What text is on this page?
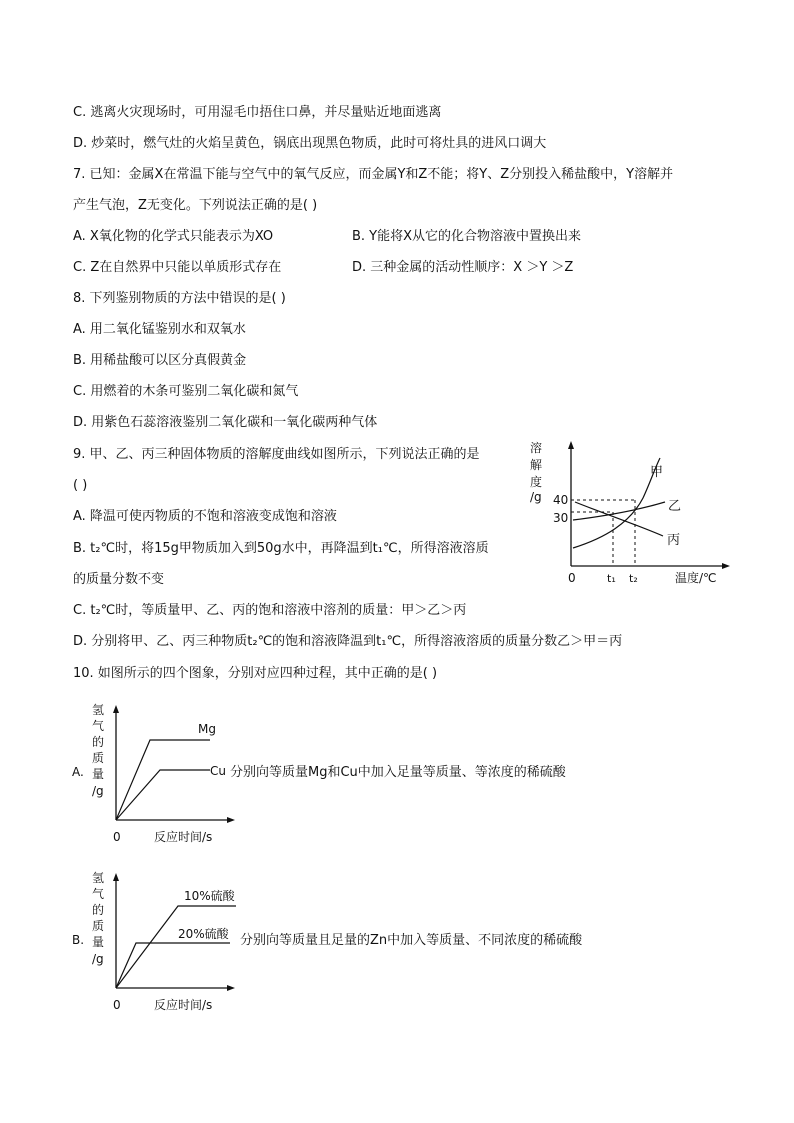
C. 逃离火灾现场时，可用湿毛巾捂住口鼻，并尽量贴近地面逃离
D. 炒菜时，燃气灶的火焰呈黄色，锅底出现黑色物质，此时可将灶具的进风口调大
7. 已知：金属X在常温下能与空气中的氧气反应，而金属Y和Z不能；将Y、Z分别投入稀盐酸中，Y溶解并
产生气泡，Z无变化。下列说法正确的是( )
A. X氧化物的化学式只能表示为XO	B. Y能将X从它的化合物溶液中置换出来
C. Z在自然界中只能以单质形式存在	D. 三种金属的活动性顺序：X ＞Y ＞Z
8. 下列鉴别物质的方法中错误的是( )
A. 用二氧化锰鉴别水和双氧水
B. 用稀盐酸可以区分真假黄金
C. 用燃着的木条可鉴别二氧化碳和氮气
D. 用紫色石蕊溶液鉴别二氧化碳和一氧化碳两种气体
9. 甲、乙、丙三种固体物质的溶解度曲线如图所示，下列说法正确的是
( )
A. 降温可使丙物质的不饱和溶液变成饱和溶液
B. t₂℃时，将15g甲物质加入到50g水中，再降温到t₁℃，所得溶液溶质
的质量分数不变
C. t₂℃时，等质量甲、乙、丙的饱和溶液中溶剂的质量：甲＞乙＞丙
D. 分别将甲、乙、丙三种物质t₂℃的饱和溶液降温到t₁℃，所得溶液溶质的质量分数乙＞甲＝丙
10. 如图所示的四个图象，分别对应四种过程，其中正确的是( )
溶
解
度
/g 40
30
0	t₁ t₂	温度/℃
甲
乙
丙
A.
氢
气
的
质
量
/g
0	反应时间/s
Mg
Cu 分别向等质量Mg和Cu中加入足量等质量、等浓度的稀硫酸
B.
氢
气
的
质
量
/g
0	反应时间/s
10%硫酸
20%硫酸 分别向等质量且足量的Zn中加入等质量、不同浓度的稀硫酸
